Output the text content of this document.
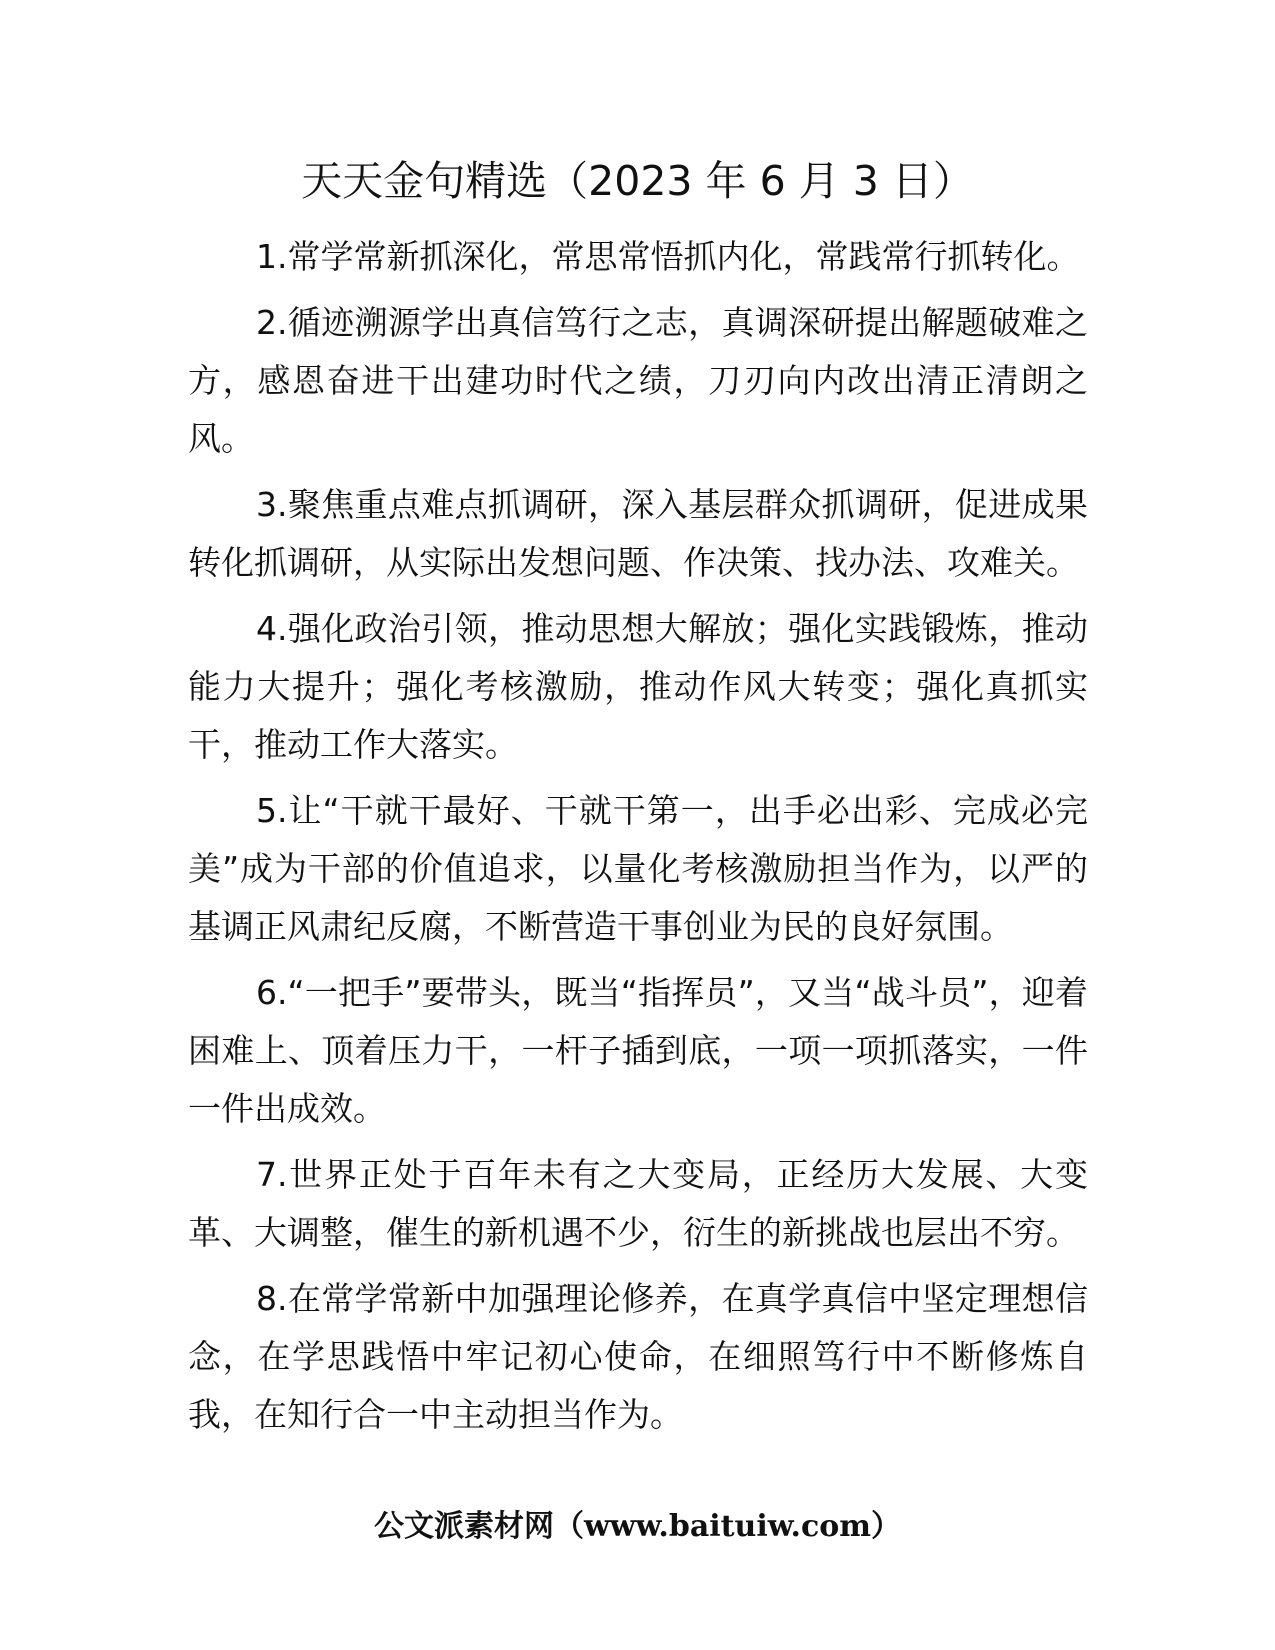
天天金句精选（2023 年 6 月 3 日）

1.常学常新抓深化，常思常悟抓内化，常践常行抓转化。

2.循迹溯源学出真信笃行之志，真调深研提出解题破难之方，感恩奋进干出建功时代之绩，刀刃向内改出清正清朗之风。

3.聚焦重点难点抓调研，深入基层群众抓调研，促进成果转化抓调研，从实际出发想问题、作决策、找办法、攻难关。

4.强化政治引领，推动思想大解放；强化实践锻炼，推动能力大提升；强化考核激励，推动作风大转变；强化真抓实干，推动工作大落实。

5.让“干就干最好、干就干第一，出手必出彩、完成必完美”成为干部的价值追求，以量化考核激励担当作为，以严的基调正风肃纪反腐，不断营造干事创业为民的良好氛围。

6.“一把手”要带头，既当“指挥员”，又当“战斗员”，迎着困难上、顶着压力干，一杆子插到底，一项一项抓落实，一件一件出成效。

7.世界正处于百年未有之大变局，正经历大发展、大变革、大调整，催生的新机遇不少，衍生的新挑战也层出不穷。

8.在常学常新中加强理论修养，在真学真信中坚定理想信念，在学思践悟中牢记初心使命，在细照笃行中不断修炼自我，在知行合一中主动担当作为。

公文派素材网（www.baituiw.com）
